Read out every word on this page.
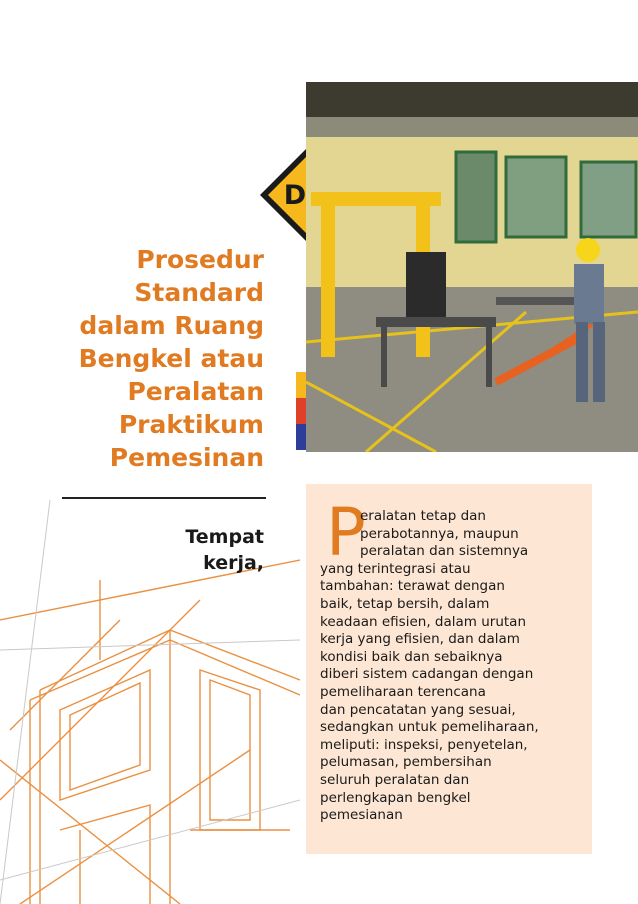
D
Prosedur
Standard
dalam Ruang
Bengkel atau
Peralatan
Praktikum
Pemesinan
Tempat
kerja, P
eralatan tetap dan
perabotannya, maupun
peralatan dan sistemnya
yang terintegrasi atau
tambahan: terawat dengan
baik, tetap bersih, dalam
keadaan efisien, dalam urutan
kerja yang efisien, dan dalam
kondisi baik dan sebaiknya
diberi sistem cadangan dengan
pemeliharaan terencana
dan pencatatan yang sesuai,
sedangkan untuk pemeliharaan,
meliputi: inspeksi, penyetelan,
pelumasan, pembersihan
seluruh peralatan dan
perlengkapan bengkel
pemesianan
